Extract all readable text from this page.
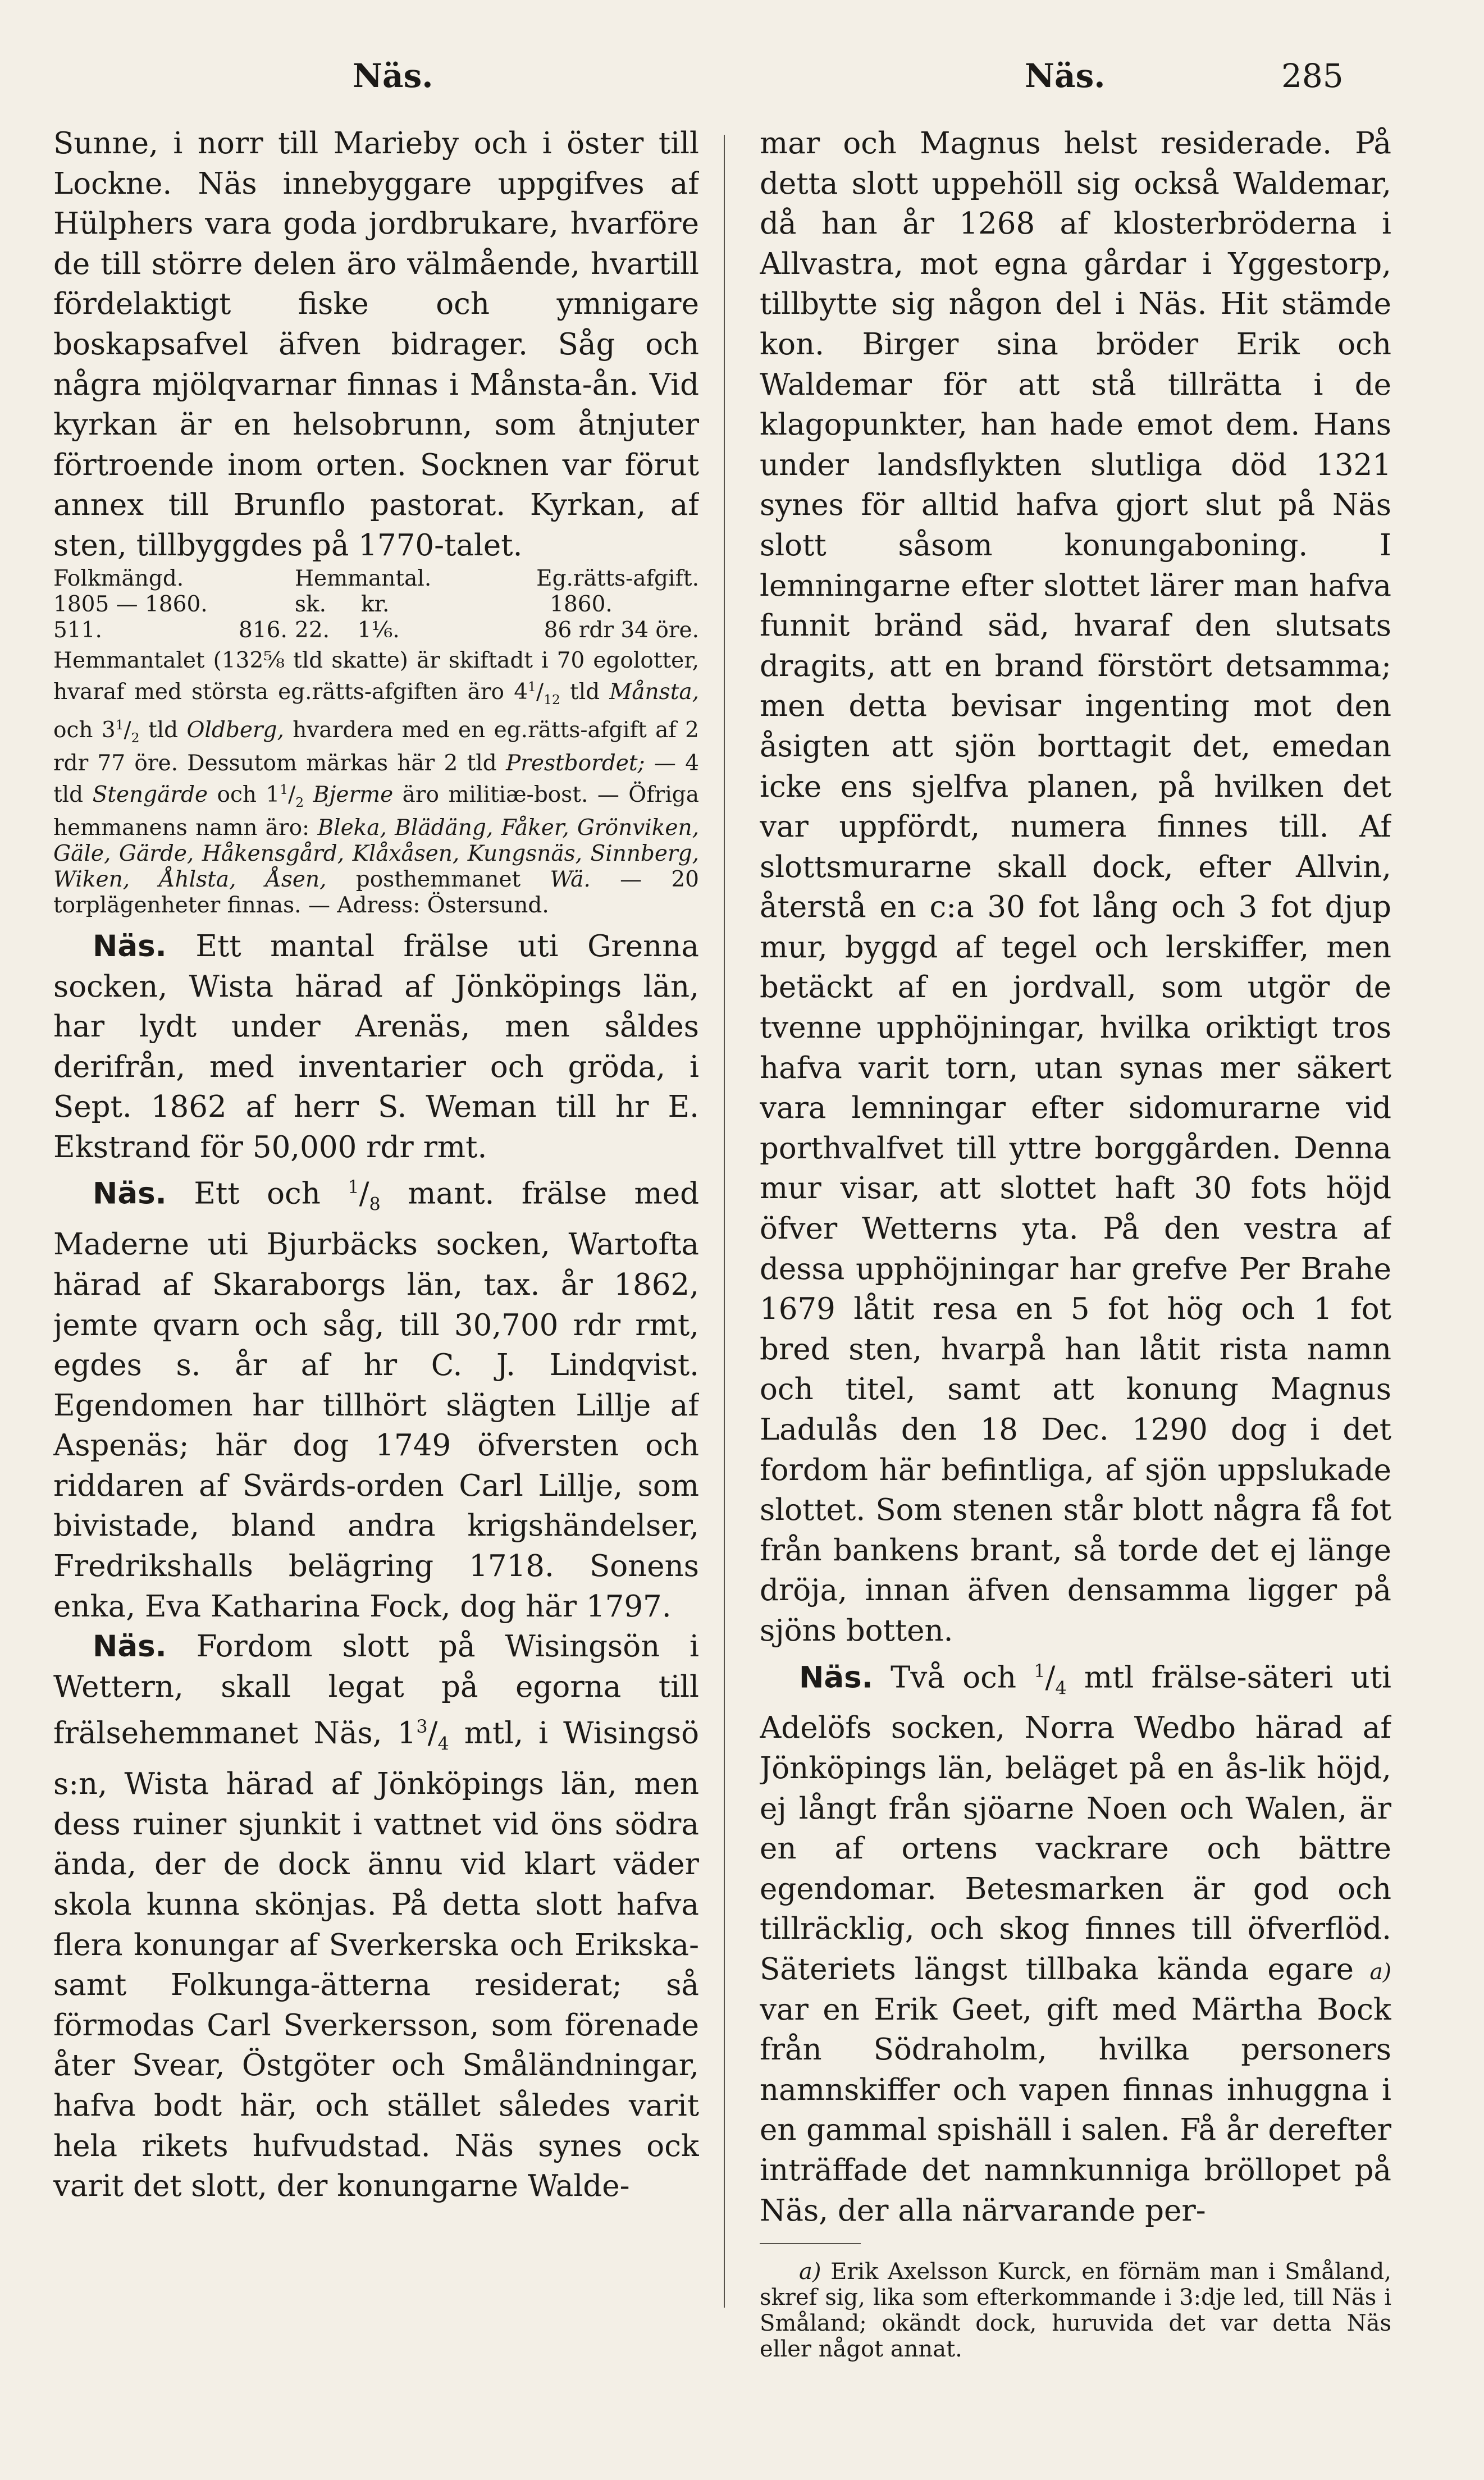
Näs.	Näs.	285

Sunne, i norr till Marieby och i öster till Lockne. Näs innebyggare uppgifves af Hülphers vara goda jordbrukare, hvarföre de till större delen äro välmående, hvartill fördelaktigt fiske och ymnigare boskapsafvel äfven bidrager. Såg och några mjölqvarnar finnas i Månsta-ån. Vid kyrkan är en helsobrunn, som åtnjuter förtroende inom orten. Socknen var förut annex till Brunflo pastorat. Kyrkan, af sten, tillbyggdes på 1770-talet.

Folkmängd.		Hemmantal.	Eg.rätts-afgift.
1805 — 1860.		sk. kr.	1860.
511.	816.	22. 1⅙.	86 rdr 34 öre.

Hemmantalet (132⅝ tld skatte) är skiftadt i 70 egolotter, hvaraf med största eg.rätts-afgiften äro $4^1/_{12}$ tld Månsta, och $3^1/_2$ tld Oldberg, hvardera med en eg.rätts-afgift af 2 rdr 77 öre. Dessutom märkas här 2 tld Prestbordet; — 4 tld Stengärde och $1^1/_2$ Bjerme äro militiæ-bost. — Öfriga hemmanens namn äro: Bleka, Blädäng, Fåker, Grönviken, Gäle, Gärde, Håkensgård, Klåxåsen, Kungsnäs, Sinnberg, Wiken, Åhlsta, Åsen, posthemmanet Wä. — 20 torplägenheter finnas. — Adress: Östersund.

Näs. Ett mantal frälse uti Grenna socken, Wista härad af Jönköpings län, har lydt under Arenäs, men såldes derifrån, med inventarier och gröda, i Sept. 1862 af herr S. Weman till hr E. Ekstrand för 50,000 rdr rmt.

Näs. Ett och $^1/_8$ mant. frälse med Maderne uti Bjurbäcks socken, Wartofta härad af Skaraborgs län, tax. år 1862, jemte qvarn och såg, till 30,700 rdr rmt, egdes s. år af hr C. J. Lindqvist. Egendomen har tillhört slägten Lillje af Aspenäs; här dog 1749 öfversten och riddaren af Svärds-orden Carl Lillje, som bivistade, bland andra krigshändelser, Fredrikshalls belägring 1718. Sonens enka, Eva Katharina Fock, dog här 1797.

Näs. Fordom slott på Wisingsön i Wettern, skall legat på egorna till frälsehemmanet Näs, $1^3/_4$ mtl, i Wisingsö s:n, Wista härad af Jönköpings län, men dess ruiner sjunkit i vattnet vid öns södra ända, der de dock ännu vid klart väder skola kunna skönjas. På detta slott hafva flera konungar af Sverkerska och Erikska- samt Folkunga-ätterna residerat; så förmodas Carl Sverkersson, som förenade åter Svear, Östgöter och Småländningar, hafva bodt här, och stället således varit hela rikets hufvudstad. Näs synes ock varit det slott, der konungarne Walde-

mar och Magnus helst residerade. På detta slott uppehöll sig också Waldemar, då han år 1268 af klosterbröderna i Allvastra, mot egna gårdar i Yggestorp, tillbytte sig någon del i Näs. Hit stämde kon. Birger sina bröder Erik och Waldemar för att stå tillrätta i de klagopunkter, han hade emot dem. Hans under landsflykten slutliga död 1321 synes för alltid hafva gjort slut på Näs slott såsom konungaboning. I lemningarne efter slottet lärer man hafva funnit bränd säd, hvaraf den slutsats dragits, att en brand förstört detsamma; men detta bevisar ingenting mot den åsigten att sjön borttagit det, emedan icke ens sjelfva planen, på hvilken det var uppfördt, numera finnes till. Af slottsmurarne skall dock, efter Allvin, återstå en c:a 30 fot lång och 3 fot djup mur, byggd af tegel och lerskiffer, men betäckt af en jordvall, som utgör de tvenne upphöjningar, hvilka oriktigt tros hafva varit torn, utan synas mer säkert vara lemningar efter sidomurarne vid porthvalfvet till yttre borggården. Denna mur visar, att slottet haft 30 fots höjd öfver Wetterns yta. På den vestra af dessa upphöjningar har grefve Per Brahe 1679 låtit resa en 5 fot hög och 1 fot bred sten, hvarpå han låtit rista namn och titel, samt att konung Magnus Ladulås den 18 Dec. 1290 dog i det fordom här befintliga, af sjön uppslukade slottet. Som stenen står blott några få fot från bankens brant, så torde det ej länge dröja, innan äfven densamma ligger på sjöns botten.

Näs. Två och $^1/_4$ mtl frälse-säteri uti Adelöfs socken, Norra Wedbo härad af Jönköpings län, beläget på en ås-lik höjd, ej långt från sjöarne Noen och Walen, är en af ortens vackrare och bättre egendomar. Betesmarken är god och tillräcklig, och skog finnes till öfverflöd. Säteriets längst tillbaka kända egare a) var en Erik Geet, gift med Märtha Bock från Södraholm, hvilka personers namnskiffer och vapen finnas inhuggna i en gammal spishäll i salen. Få år derefter inträffade det namnkunniga bröllopet på Näs, der alla närvarande per-

a) Erik Axelsson Kurck, en förnäm man i Småland, skref sig, lika som efterkommande i 3:dje led, till Näs i Småland; okändt dock, huruvida det var detta Näs eller något annat.
